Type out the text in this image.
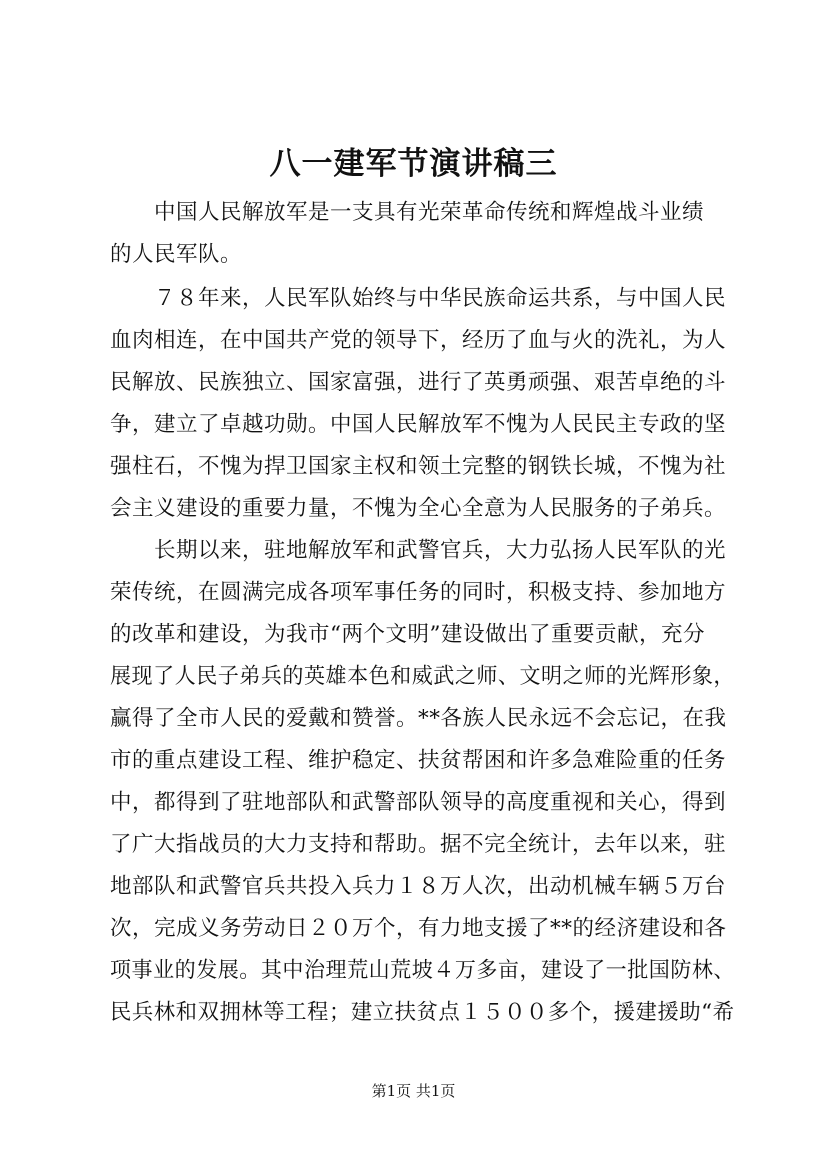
八一建军节演讲稿三
　　中国人民解放军是一支具有光荣革命传统和辉煌战斗业绩
的人民军队。
　　７８年来，人民军队始终与中华民族命运共系，与中国人民
血肉相连，在中国共产党的领导下，经历了血与火的洗礼，为人
民解放、民族独立、国家富强，进行了英勇顽强、艰苦卓绝的斗
争，建立了卓越功勋。中国人民解放军不愧为人民民主专政的坚
强柱石，不愧为捍卫国家主权和领土完整的钢铁长城，不愧为社
会主义建设的重要力量，不愧为全心全意为人民服务的子弟兵。
　　长期以来，驻地解放军和武警官兵，大力弘扬人民军队的光
荣传统，在圆满完成各项军事任务的同时，积极支持、参加地方
的改革和建设，为我市“两个文明”建设做出了重要贡献，充分
展现了人民子弟兵的英雄本色和威武之师、文明之师的光辉形象，
赢得了全市人民的爱戴和赞誉。**各族人民永远不会忘记，在我
市的重点建设工程、维护稳定、扶贫帮困和许多急难险重的任务
中，都得到了驻地部队和武警部队领导的高度重视和关心，得到
了广大指战员的大力支持和帮助。据不完全统计，去年以来，驻
地部队和武警官兵共投入兵力１８万人次，出动机械车辆５万台
次，完成义务劳动日２０万个，有力地支援了**的经济建设和各
项事业的发展。其中治理荒山荒坡４万多亩，建设了一批国防林、
民兵林和双拥林等工程；建立扶贫点１５００多个，援建援助“希
第1页 共1页
